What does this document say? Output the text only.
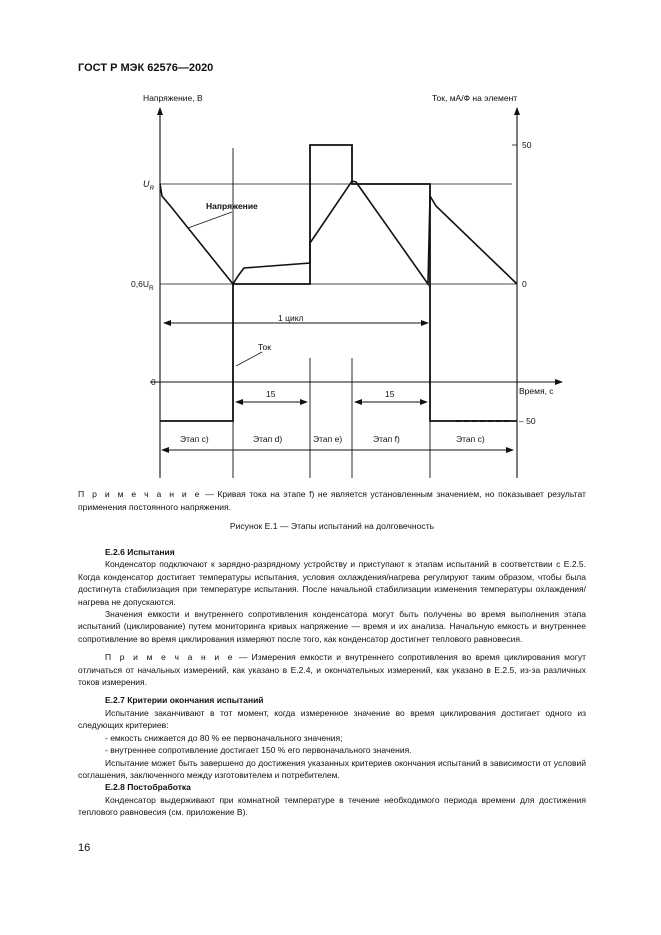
ГОСТ Р МЭК 62576—2020
Напряжение, В	Ток, мА/Ф на элемент
Время, с
$U_R$
$0,6U_R$
0
50
0
– 50
Напряжение
Ток
1 цикл
15	15
Этап c)	Этап d)	Этап e)	Этап f)	Этап c)
П р и м е ч а н и е — Кривая тока на этапе f) не является установленным значением, но показывает результат применения постоянного напряжения.
Рисунок E.1 — Этапы испытаний на долговечность

E.2.6 Испытания

Конденсатор подключают к зарядно-разрядному устройству и приступают к этапам испытаний в соответствии с E.2.5. Когда конденсатор достигает температуры испытания, условия охлаждения/нагрева регулируют таким образом, чтобы была достигнута стабилизация при температуре испытания. После начальной стабилизации изменения температуры охлаждения/нагрева не допускаются.

Значения емкости и внутреннего сопротивления конденсатора могут быть получены во время выполнения этапа испытаний (циклирование) путем мониторинга кривых напряжение — время и их анализа. Начальную емкость и внутреннее сопротивление во время циклирования измеряют после того, как конденсатор достигнет теплового равновесия.

П р и м е ч а н и е — Измерения емкости и внутреннего сопротивления во время циклирования могут отличаться от начальных измерений, как указано в E.2.4, и окончательных измерений, как указано в E.2.5, из-за различных токов измерения.

E.2.7 Критерии окончания испытаний

Испытание заканчивают в тот момент, когда измеренное значение во время циклирования достигает одного из следующих критериев:

- емкость снижается до 80 % ее первоначального значения;

- внутреннее сопротивление достигает 150 % его первоначального значения.

Испытание может быть завершено до достижения указанных критериев окончания испытаний в зависимости от условий соглашения, заключенного между изготовителем и потребителем.

E.2.8 Постобработка

Конденсатор выдерживают при комнатной температуре в течение необходимого периода времени для достижения теплового равновесия (см. приложение B).

16
